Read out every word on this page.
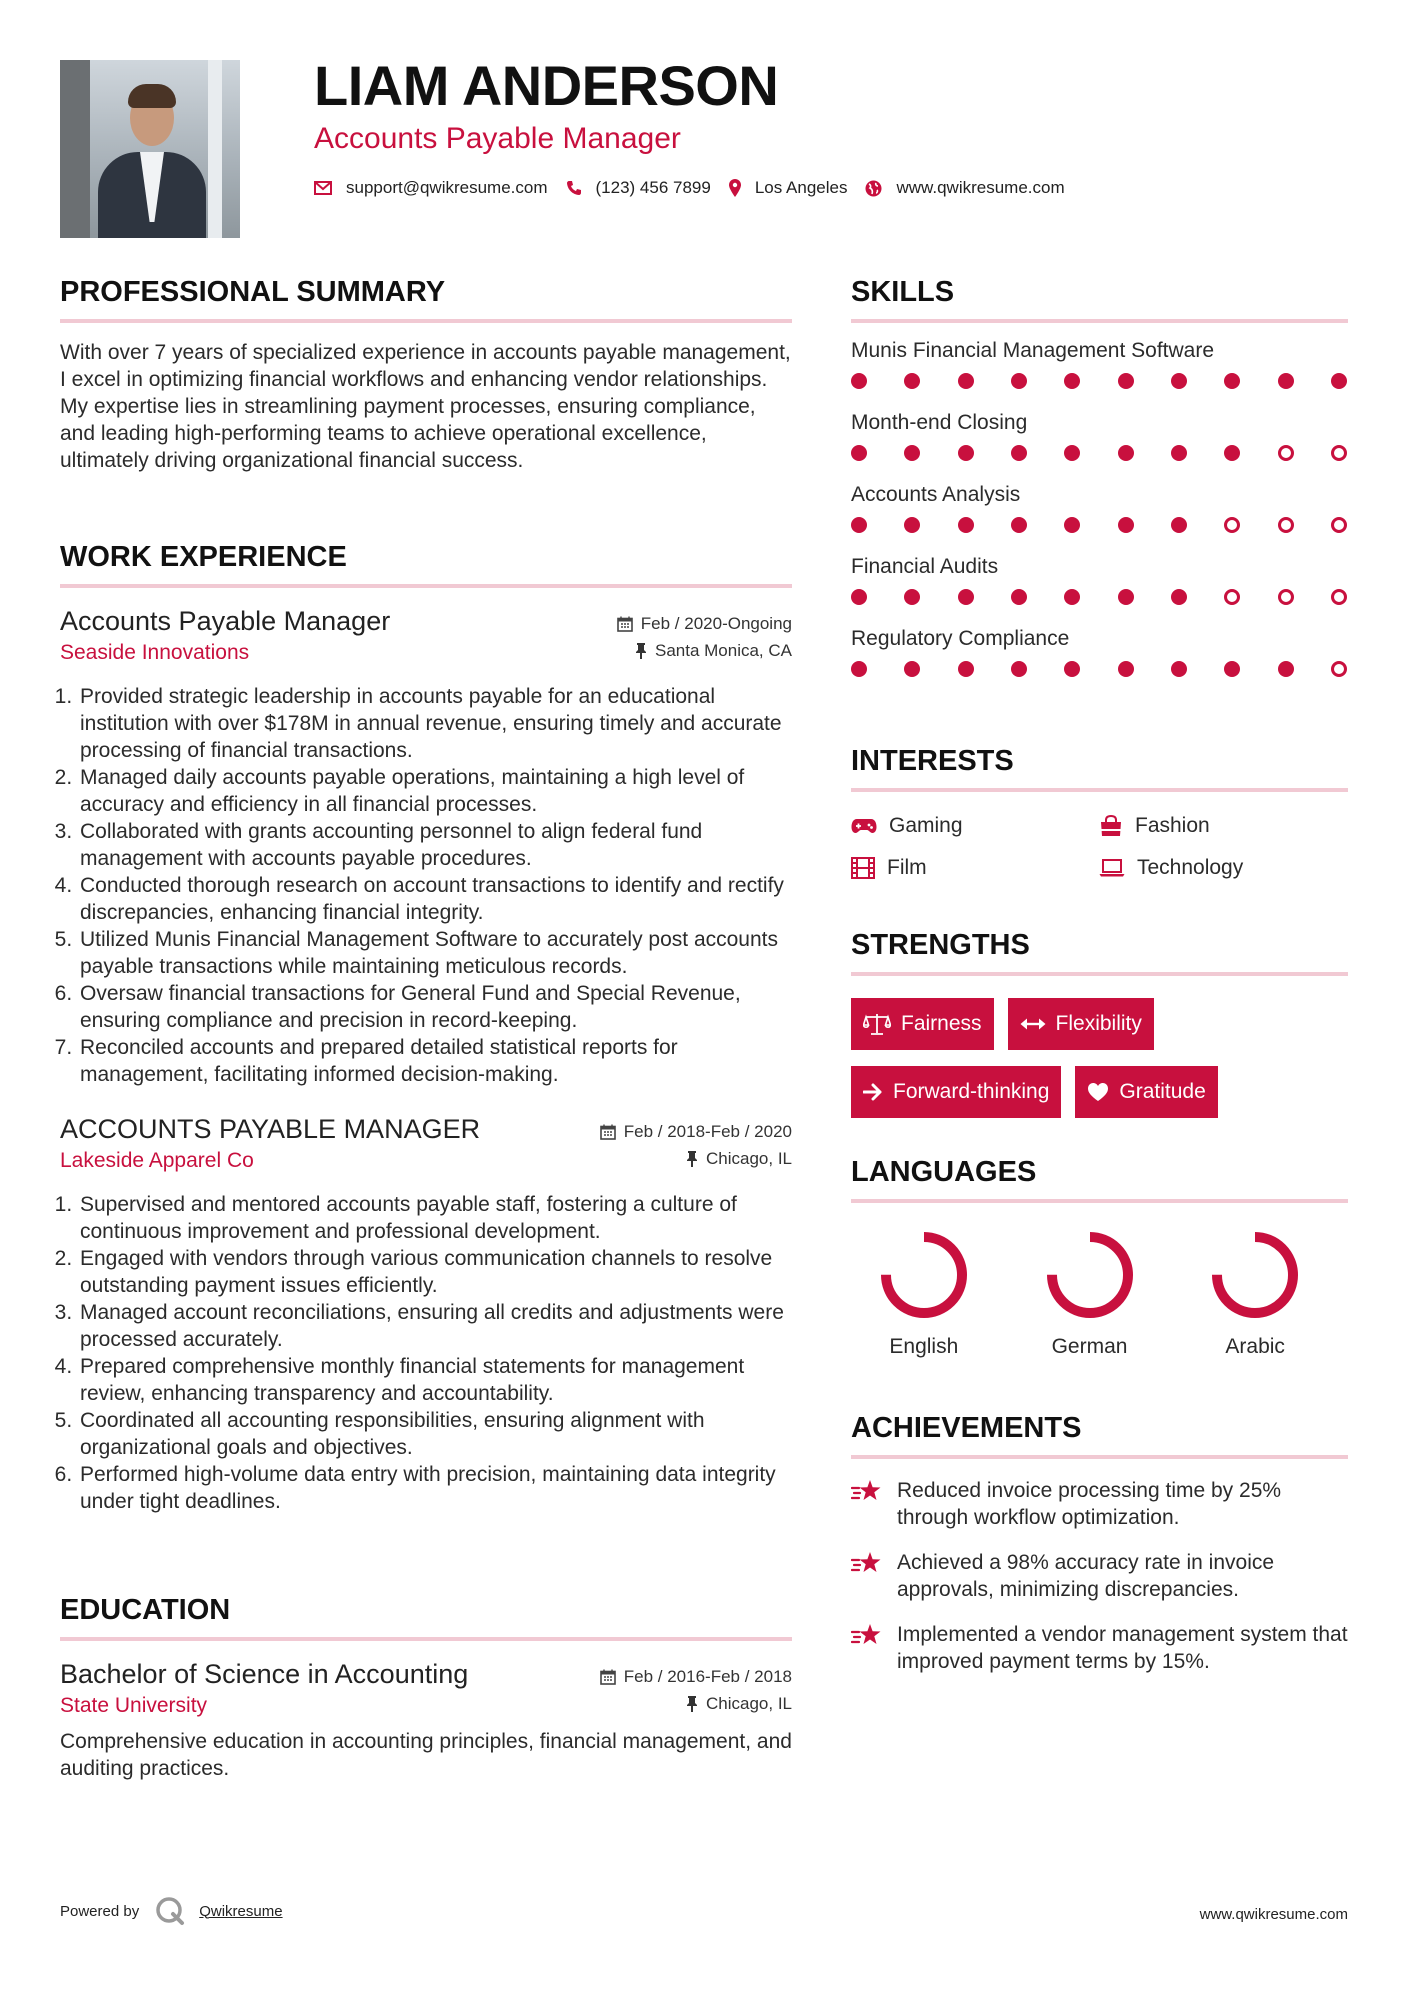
LIAM ANDERSON
Accounts Payable Manager
support@qwikresume.com	(123) 456 7899	Los Angeles	www.qwikresume.com
PROFESSIONAL SUMMARY
With over 7 years of specialized experience in accounts payable management, I excel in optimizing financial workflows and enhancing vendor relationships. My expertise lies in streamlining payment processes, ensuring compliance, and leading high-performing teams to achieve operational excellence, ultimately driving organizational financial success.
WORK EXPERIENCE
Accounts Payable Manager	Feb / 2020-Ongoing
Seaside Innovations	Santa Monica, CA
1. Provided strategic leadership in accounts payable for an educational institution with over $178M in annual revenue, ensuring timely and accurate processing of financial transactions.
2. Managed daily accounts payable operations, maintaining a high level of accuracy and efficiency in all financial processes.
3. Collaborated with grants accounting personnel to align federal fund management with accounts payable procedures.
4. Conducted thorough research on account transactions to identify and rectify discrepancies, enhancing financial integrity.
5. Utilized Munis Financial Management Software to accurately post accounts payable transactions while maintaining meticulous records.
6. Oversaw financial transactions for General Fund and Special Revenue, ensuring compliance and precision in record-keeping.
7. Reconciled accounts and prepared detailed statistical reports for management, facilitating informed decision-making.
ACCOUNTS PAYABLE MANAGER	Feb / 2018-Feb / 2020
Lakeside Apparel Co	Chicago, IL
1. Supervised and mentored accounts payable staff, fostering a culture of continuous improvement and professional development.
2. Engaged with vendors through various communication channels to resolve outstanding payment issues efficiently.
3. Managed account reconciliations, ensuring all credits and adjustments were processed accurately.
4. Prepared comprehensive monthly financial statements for management review, enhancing transparency and accountability.
5. Coordinated all accounting responsibilities, ensuring alignment with organizational goals and objectives.
6. Performed high-volume data entry with precision, maintaining data integrity under tight deadlines.
EDUCATION
Bachelor of Science in Accounting	Feb / 2016-Feb / 2018
State University	Chicago, IL
Comprehensive education in accounting principles, financial management, and auditing practices.
SKILLS
Munis Financial Management Software
Month-end Closing
Accounts Analysis
Financial Audits
Regulatory Compliance
INTERESTS
Gaming	Fashion
Film	Technology
STRENGTHS
Fairness	Flexibility
Forward-thinking	Gratitude
LANGUAGES
English	German	Arabic
ACHIEVEMENTS
Reduced invoice processing time by 25% through workflow optimization.
Achieved a 98% accuracy rate in invoice approvals, minimizing discrepancies.
Implemented a vendor management system that improved payment terms by 15%.
Powered by	Qwikresume	www.qwikresume.com
